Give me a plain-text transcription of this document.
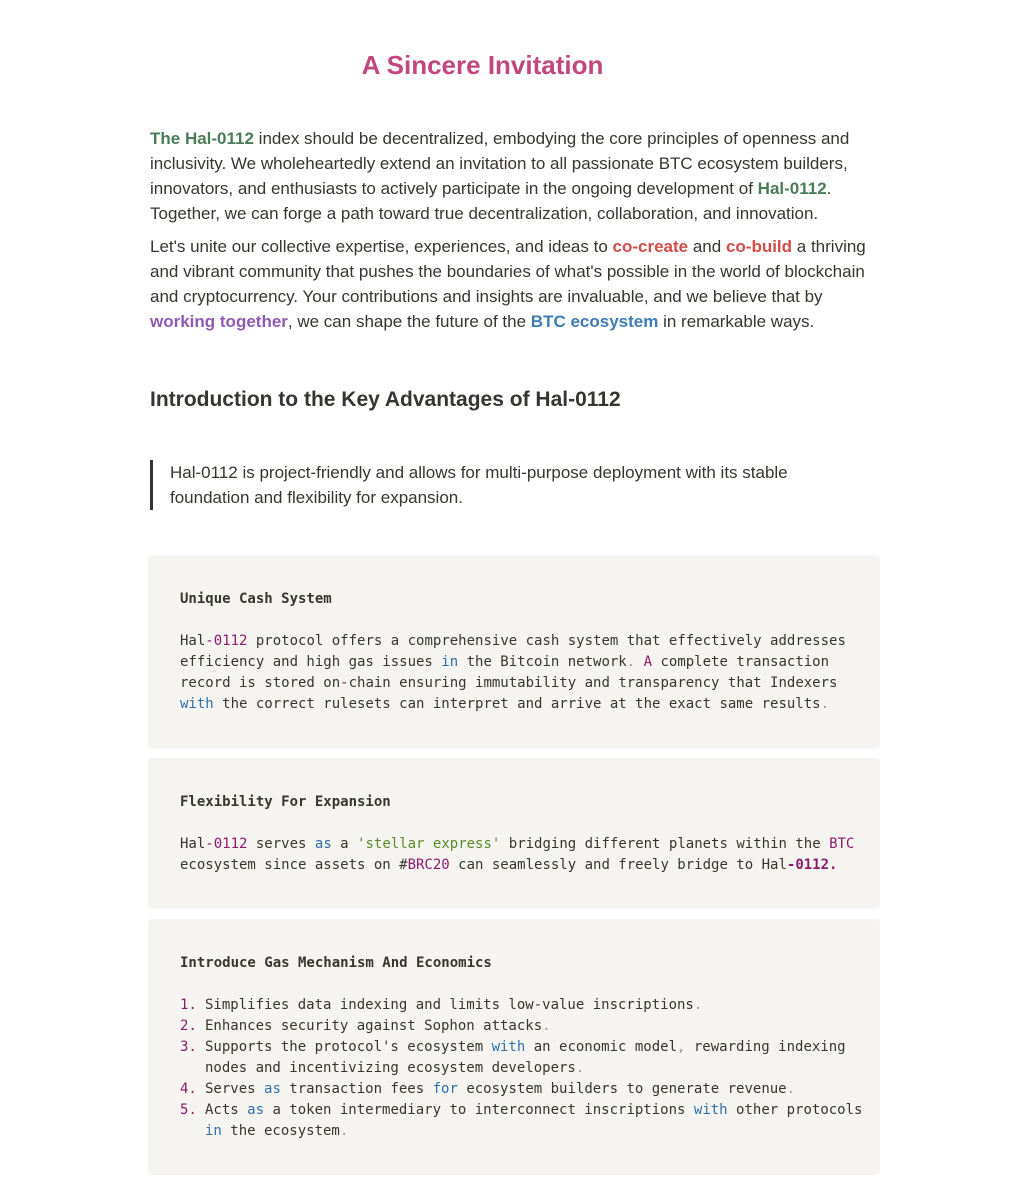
A Sincere Invitation

The Hal-0112 index should be decentralized, embodying the core principles of openness and inclusivity. We wholeheartedly extend an invitation to all passionate BTC ecosystem builders, innovators, and enthusiasts to actively participate in the ongoing development of Hal-0112. Together, we can forge a path toward true decentralization, collaboration, and innovation.

Let's unite our collective expertise, experiences, and ideas to co-create and co-build a thriving and vibrant community that pushes the boundaries of what's possible in the world of blockchain and cryptocurrency. Your contributions and insights are invaluable, and we believe that by working together, we can shape the future of the BTC ecosystem in remarkable ways.

Introduction to the Key Advantages of Hal-0112
Hal-0112 is project-friendly and allows for multi-purpose deployment with its stable foundation and flexibility for expansion.
Unique Cash System

Hal-0112 protocol offers a comprehensive cash system that effectively addresses efficiency and high gas issues in the Bitcoin network. A complete transaction record is stored on-chain ensuring immutability and transparency that Indexers with the correct rulesets can interpret and arrive at the exact same results.

Flexibility For Expansion

Hal-0112 serves as a 'stellar express' bridging different planets within the BTC ecosystem since assets on #BRC20 can seamlessly and freely bridge to Hal-0112.

Introduce Gas Mechanism And Economics
1. Simplifies data indexing and limits low-value inscriptions.
2. Enhances security against Sophon attacks.
3. Supports the protocol's ecosystem with an economic model, rewarding indexing nodes and incentivizing ecosystem developers.
4. Serves as transaction fees for ecosystem builders to generate revenue.
5. Acts as a token intermediary to interconnect inscriptions with other protocols in the ecosystem.
